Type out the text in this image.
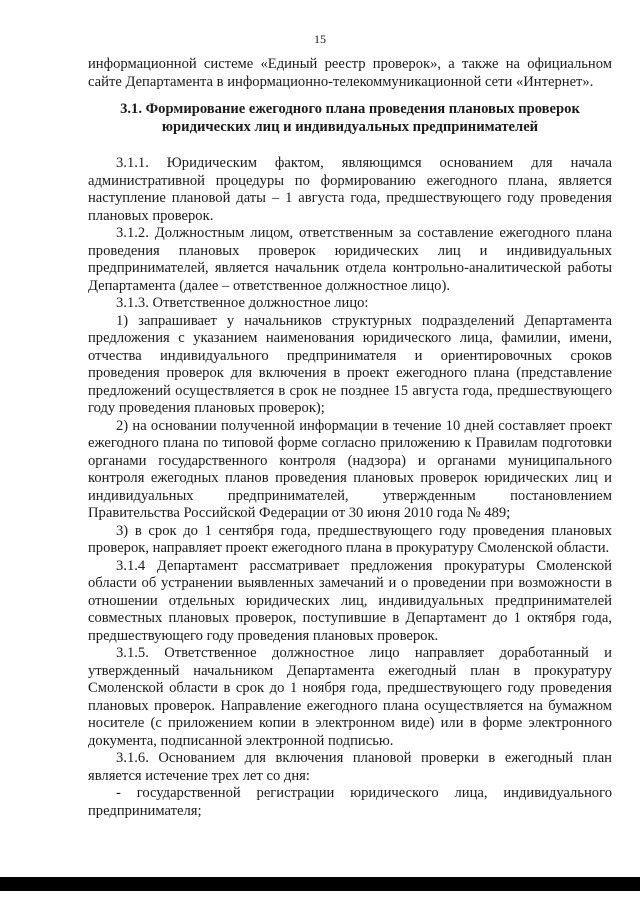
15

информационной системе «Единый реестр проверок», а также на официальном сайте Департамента в информационно-телекоммуникационной сети «Интернет».

3.1. Формирование ежегодного плана проведения плановых проверок
юридических лиц и индивидуальных предпринимателей

3.1.1. Юридическим фактом, являющимся основанием для начала административной процедуры по формированию ежегодного плана, является наступление плановой даты – 1 августа года, предшествующего году проведения плановых проверок.

3.1.2. Должностным лицом, ответственным за составление ежегодного плана проведения плановых проверок юридических лиц и индивидуальных предпринимателей, является начальник отдела контрольно-аналитической работы Департамента (далее – ответственное должностное лицо).

3.1.3. Ответственное должностное лицо:

1) запрашивает у начальников структурных подразделений Департамента предложения с указанием наименования юридического лица, фамилии, имени, отчества индивидуального предпринимателя и ориентировочных сроков проведения проверок для включения в проект ежегодного плана (представление предложений осуществляется в срок не позднее 15 августа года, предшествующего году проведения плановых проверок);

2) на основании полученной информации в течение 10 дней составляет проект ежегодного плана по типовой форме согласно приложению к Правилам подготовки органами государственного контроля (надзора) и органами муниципального контроля ежегодных планов проведения плановых проверок юридических лиц и индивидуальных предпринимателей, утвержденным постановлением Правительства Российской Федерации от 30 июня 2010 года № 489;

3) в срок до 1 сентября года, предшествующего году проведения плановых проверок, направляет проект ежегодного плана в прокуратуру Смоленской области.

3.1.4 Департамент рассматривает предложения прокуратуры Смоленской области об устранении выявленных замечаний и о проведении при возможности в отношении отдельных юридических лиц, индивидуальных предпринимателей совместных плановых проверок, поступившие в Департамент до 1 октября года, предшествующего году проведения плановых проверок.

3.1.5. Ответственное должностное лицо направляет доработанный и утвержденный начальником Департамента ежегодный план в прокуратуру Смоленской области в срок до 1 ноября года, предшествующего году проведения плановых проверок. Направление ежегодного плана осуществляется на бумажном носителе (с приложением копии в электронном виде) или в форме электронного документа, подписанной электронной подписью.

3.1.6. Основанием для включения плановой проверки в ежегодный план является истечение трех лет со дня:

- государственной регистрации юридического лица, индивидуального предпринимателя;
